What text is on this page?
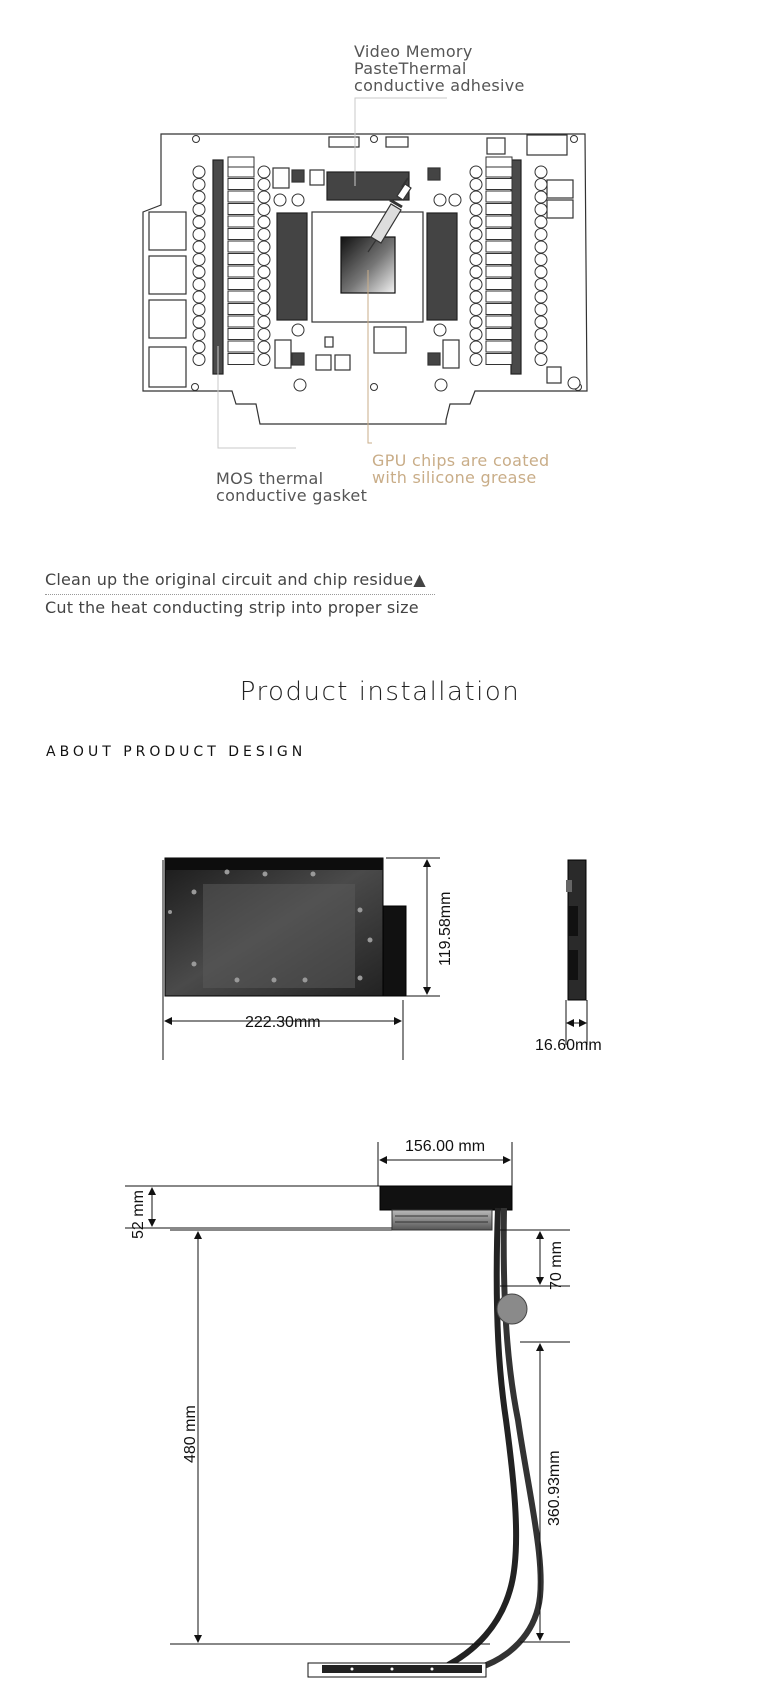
Video Memory
PasteThermal
conductive adhesive
GPU chips are coated
with silicone grease
MOS thermal
conductive gasket
Clean up the original circuit and chip residue▲
Cut the heat conducting strip into proper size
Product installation
ABOUT PRODUCT DESIGN
222.30mm
119.58mm
16.60mm
156.00 mm
52 mm
480 mm
70 mm
360.93mm
